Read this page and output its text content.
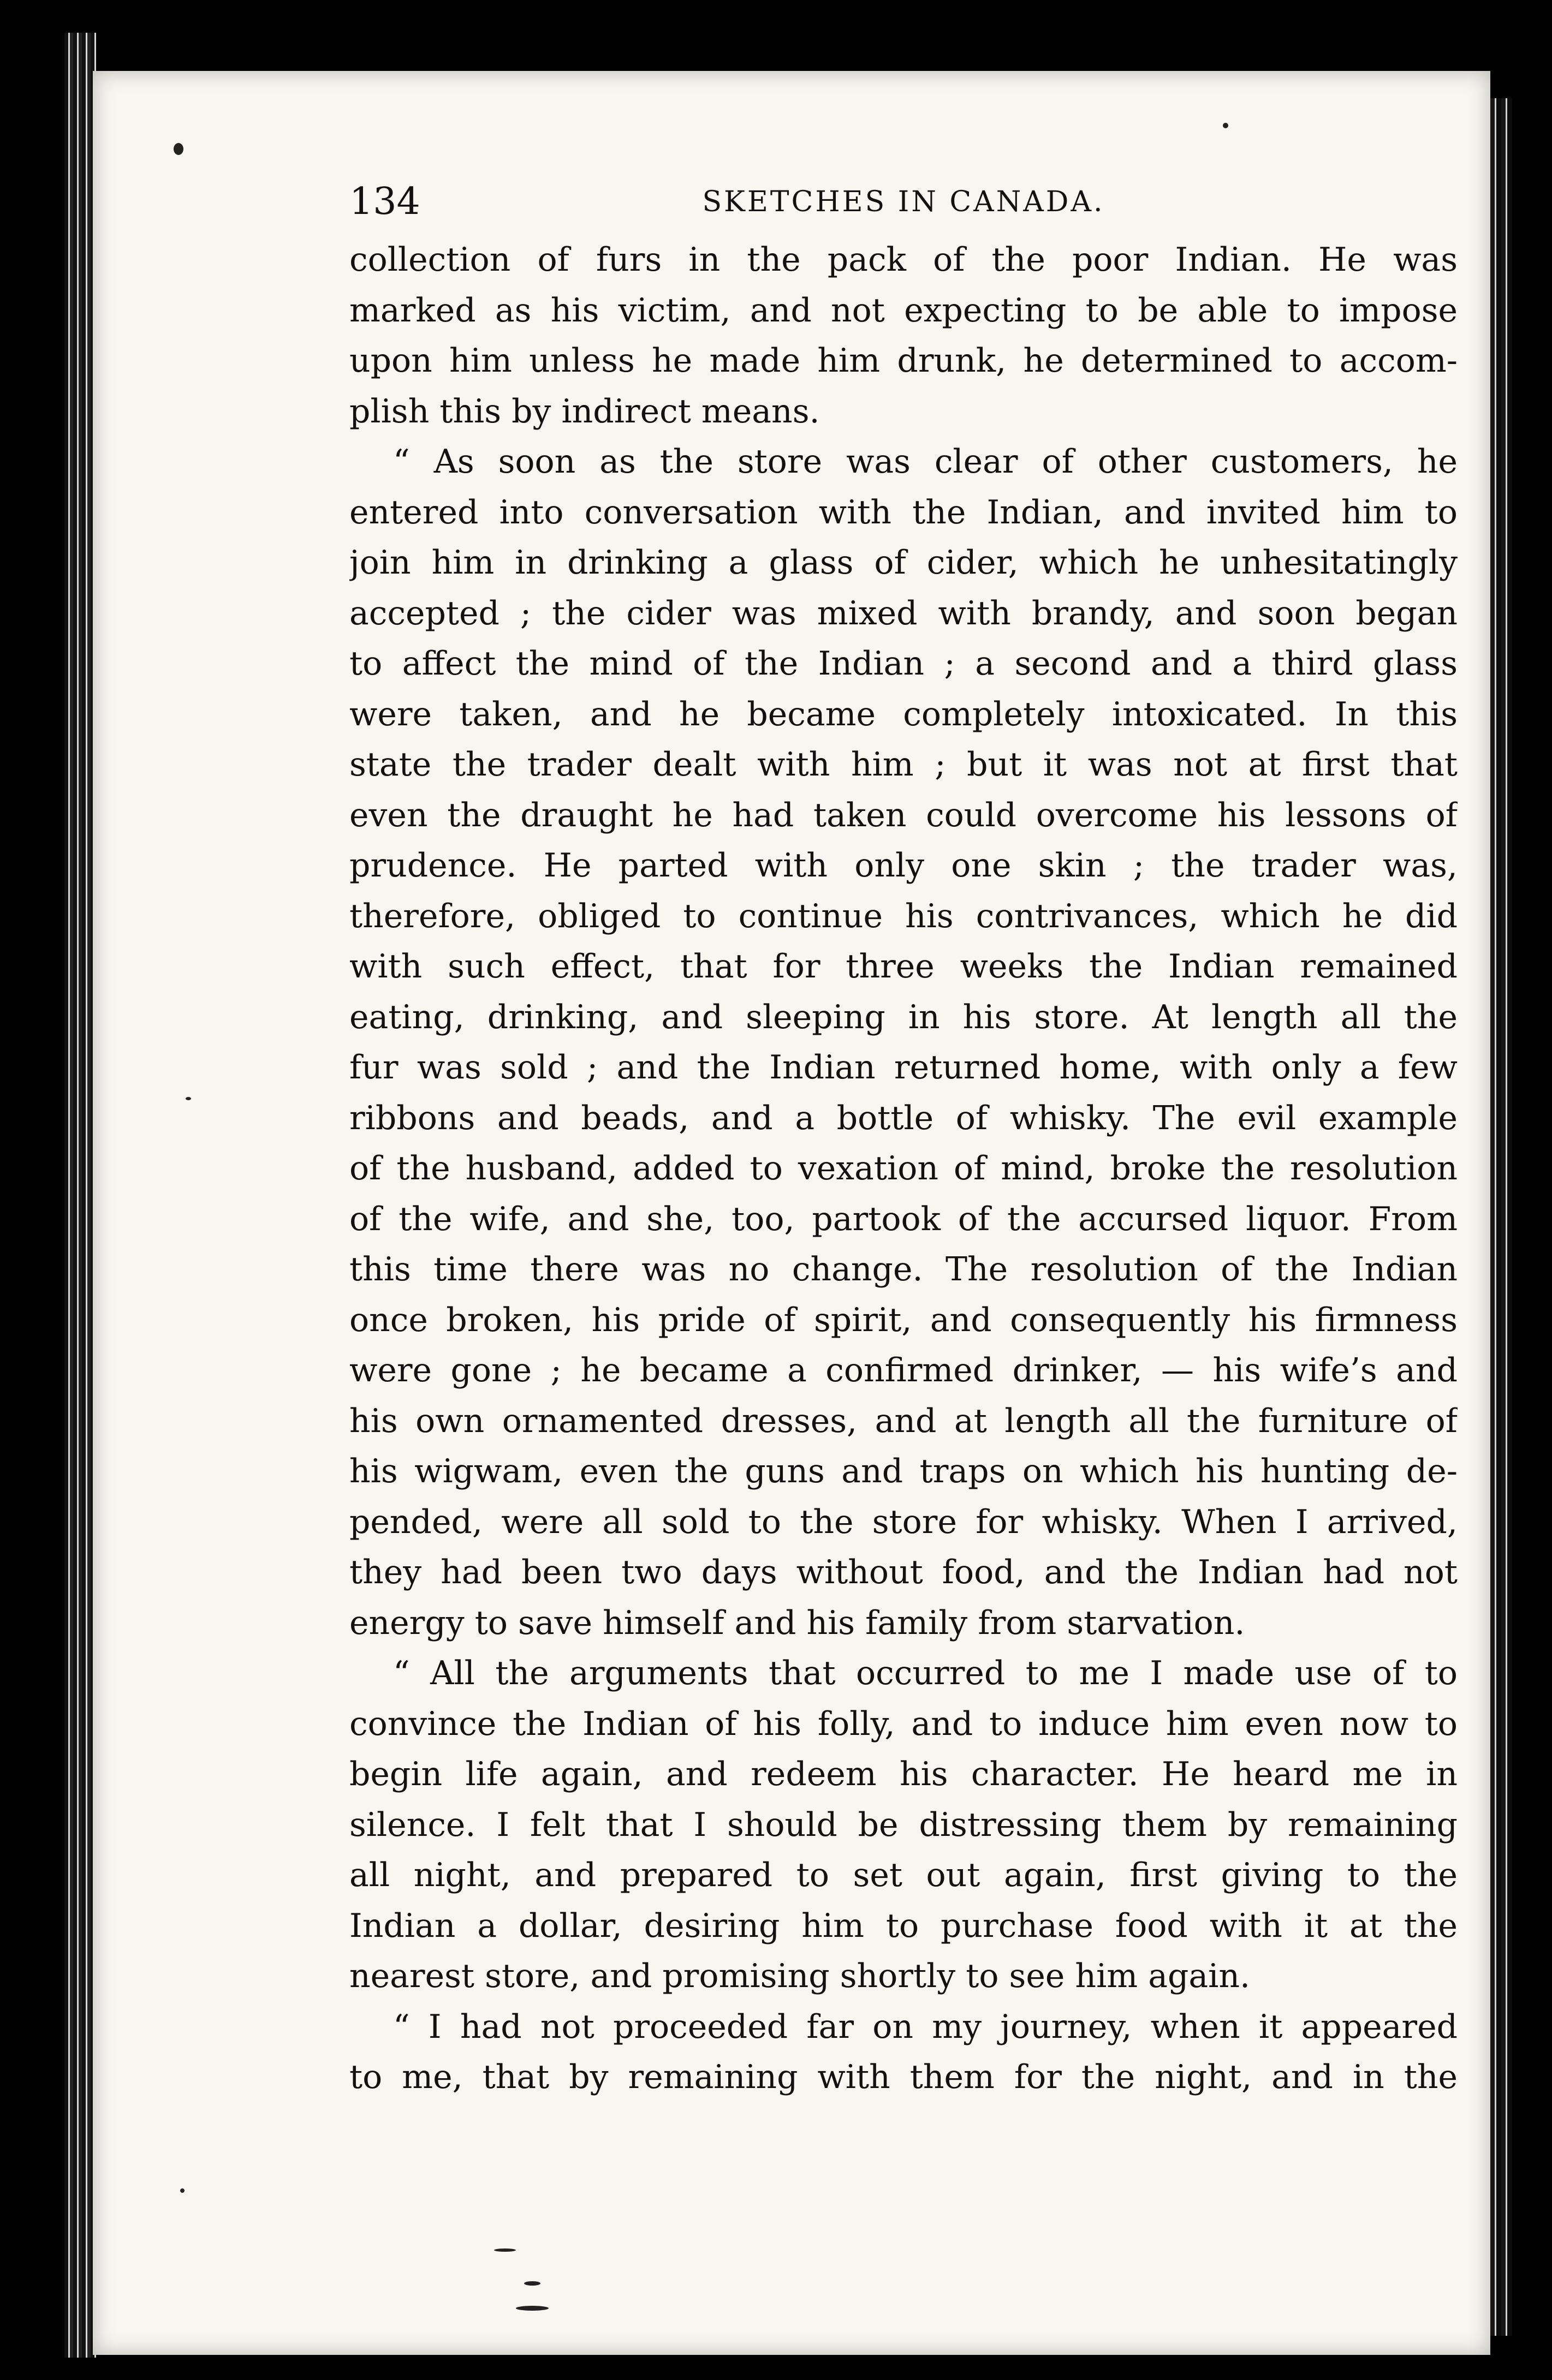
134	SKETCHES IN CANADA.
collection of furs in the pack of the poor Indian. He was
marked as his victim, and not expecting to be able to impose
upon him unless he made him drunk, he determined to accom-
plish this by indirect means.
“ As soon as the store was clear of other customers, he
entered into conversation with the Indian, and invited him to
join him in drinking a glass of cider, which he unhesitatingly
accepted ; the cider was mixed with brandy, and soon began
to affect the mind of the Indian ; a second and a third glass
were taken, and he became completely intoxicated. In this
state the trader dealt with him ; but it was not at first that
even the draught he had taken could overcome his lessons of
prudence. He parted with only one skin ; the trader was,
therefore, obliged to continue his contrivances, which he did
with such effect, that for three weeks the Indian remained
eating, drinking, and sleeping in his store. At length all the
fur was sold ; and the Indian returned home, with only a few
ribbons and beads, and a bottle of whisky. The evil example
of the husband, added to vexation of mind, broke the resolution
of the wife, and she, too, partook of the accursed liquor. From
this time there was no change. The resolution of the Indian
once broken, his pride of spirit, and consequently his firmness
were gone ; he became a confirmed drinker, — his wife’s and
his own ornamented dresses, and at length all the furniture of
his wigwam, even the guns and traps on which his hunting de-
pended, were all sold to the store for whisky. When I arrived,
they had been two days without food, and the Indian had not
energy to save himself and his family from starvation.
“ All the arguments that occurred to me I made use of to
convince the Indian of his folly, and to induce him even now to
begin life again, and redeem his character. He heard me in
silence. I felt that I should be distressing them by remaining
all night, and prepared to set out again, first giving to the
Indian a dollar, desiring him to purchase food with it at the
nearest store, and promising shortly to see him again.
“ I had not proceeded far on my journey, when it appeared
to me, that by remaining with them for the night, and in the
